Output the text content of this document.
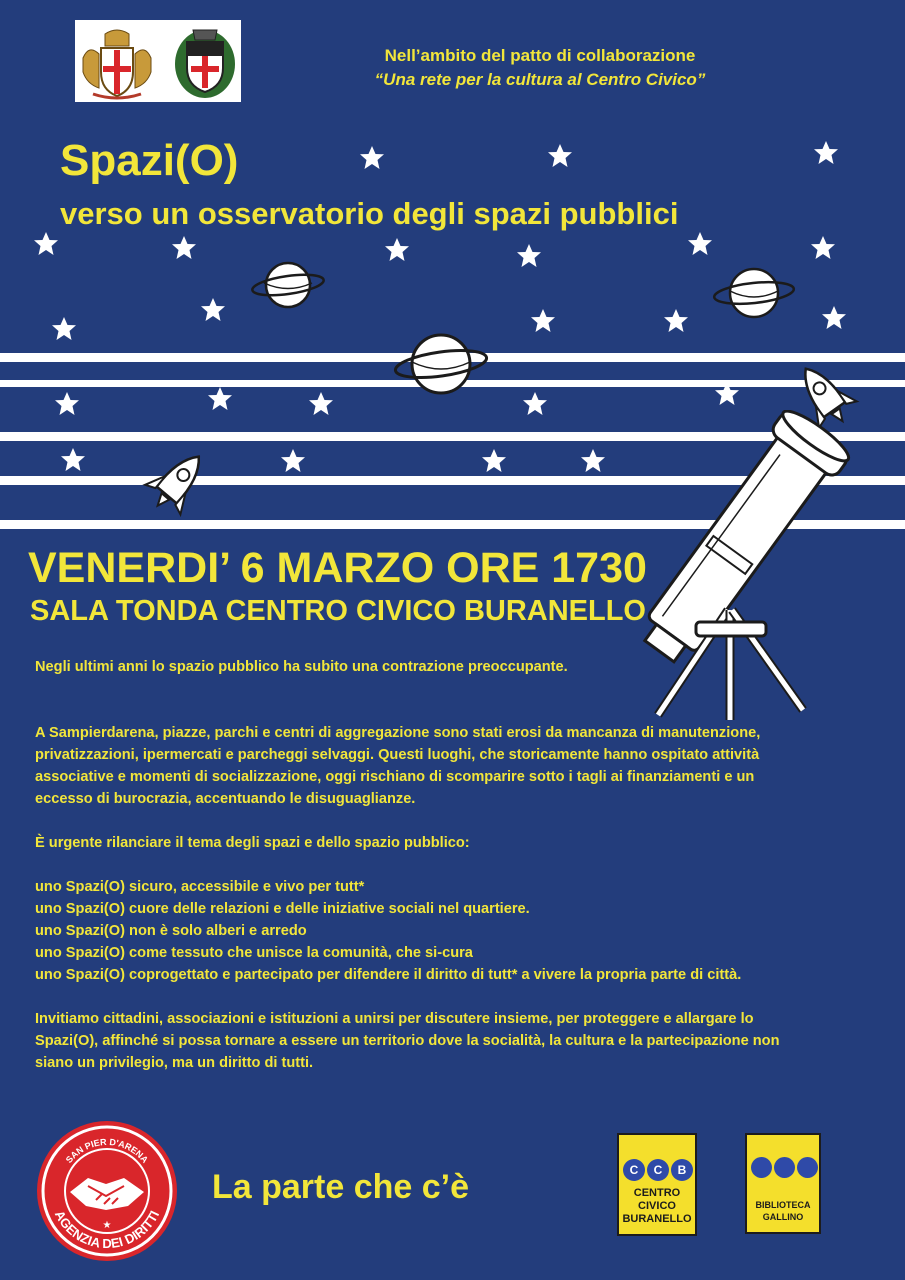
Nell’ambito del patto di collaborazione
“Una rete per la cultura al Centro Civico”
Spazi(O)
verso un osservatorio degli spazi pubblici
VENERDI’ 6 MARZO ORE 1730
SALA TONDA CENTRO CIVICO BURANELLO

Negli ultimi anni lo spazio pubblico ha subito una contrazione preoccupante.

A Sampierdarena, piazze, parchi e centri di aggregazione sono stati erosi da mancanza di manutenzione,

privatizzazioni, ipermercati e parcheggi selvaggi. Questi luoghi, che storicamente hanno ospitato attività

associative e momenti di socializzazione, oggi rischiano di scomparire sotto i tagli ai finanziamenti e un

eccesso di burocrazia, accentuando le disuguaglianze.

È urgente rilanciare il tema degli spazi e dello spazio pubblico:

uno Spazi(O) sicuro, accessibile e vivo per tutt*

uno Spazi(O) cuore delle relazioni e delle iniziative sociali nel quartiere.

uno Spazi(O) non è solo alberi e arredo

uno Spazi(O) come tessuto che unisce la comunità, che si-cura

uno Spazi(O) coprogettato e partecipato per difendere il diritto di tutt* a vivere la propria parte di città.

Invitiamo cittadini, associazioni e istituzioni a unirsi per discutere insieme, per proteggere e allargare lo

Spazi(O), affinché si possa tornare a essere un territorio dove la socialità, la cultura e la partecipazione non

siano un privilegio, ma un diritto di tutti.

SAN PIER D'ARENA
AGENZIA DEI DIRITTI
★
La parte che c’è	C	C	B
CENTRO
CIVICO
BURANELLO
BIBLIOTECA
GALLINO
